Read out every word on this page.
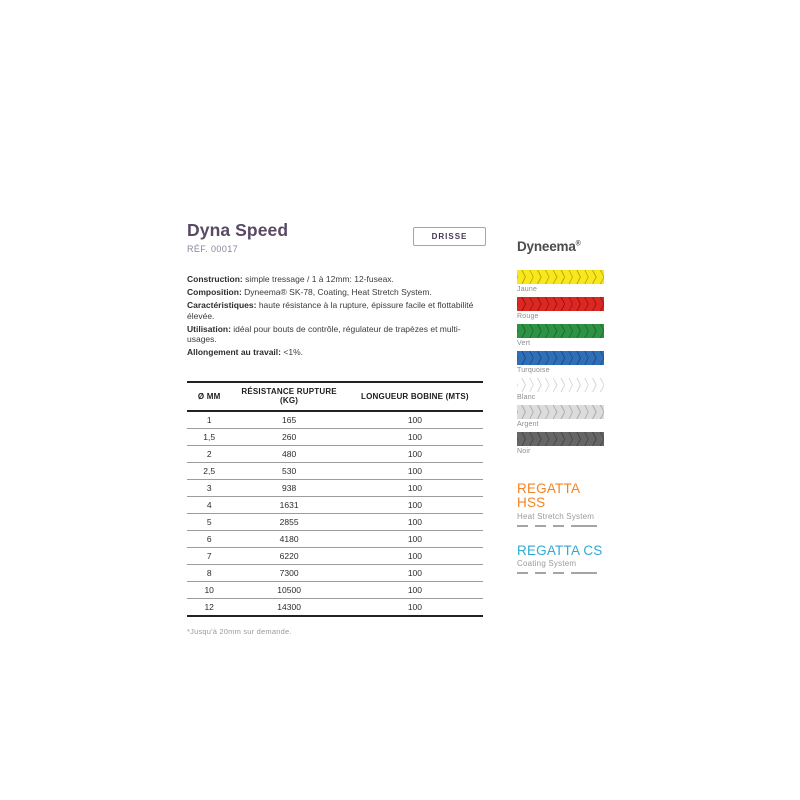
Dyna Speed
RÉF. 00017

Construction: simple tressage / 1 à 12mm: 12-fuseax.

Composition: Dyneema® SK-78, Coating, Heat Stretch System.

Caractéristiques: haute résistance à la rupture, épissure facile et flottabilité élevée.

Utilisation: idéal pour bouts de contrôle, régulateur de trapèzes et multi-usages.

Allongement au travail: <1%.

Ø MM	RÉSISTANCE RUPTURE (KG)	LONGUEUR BOBINE (MTS)
1	165	100
1,5	260	100
2	480	100
2,5	530	100
3	938	100
4	1631	100
5	2855	100
6	4180	100
7	6220	100
8	7300	100
10	10500	100
12	14300	100
*Jusqu'à 20mm sur demande.
DRISSE
Dyneema®
Jaune
Rouge
Vert
Turquoise
Blanc
Argent
Noir
REGATTA HSS
Heat Stretch System
REGATTA CS
Coating System
